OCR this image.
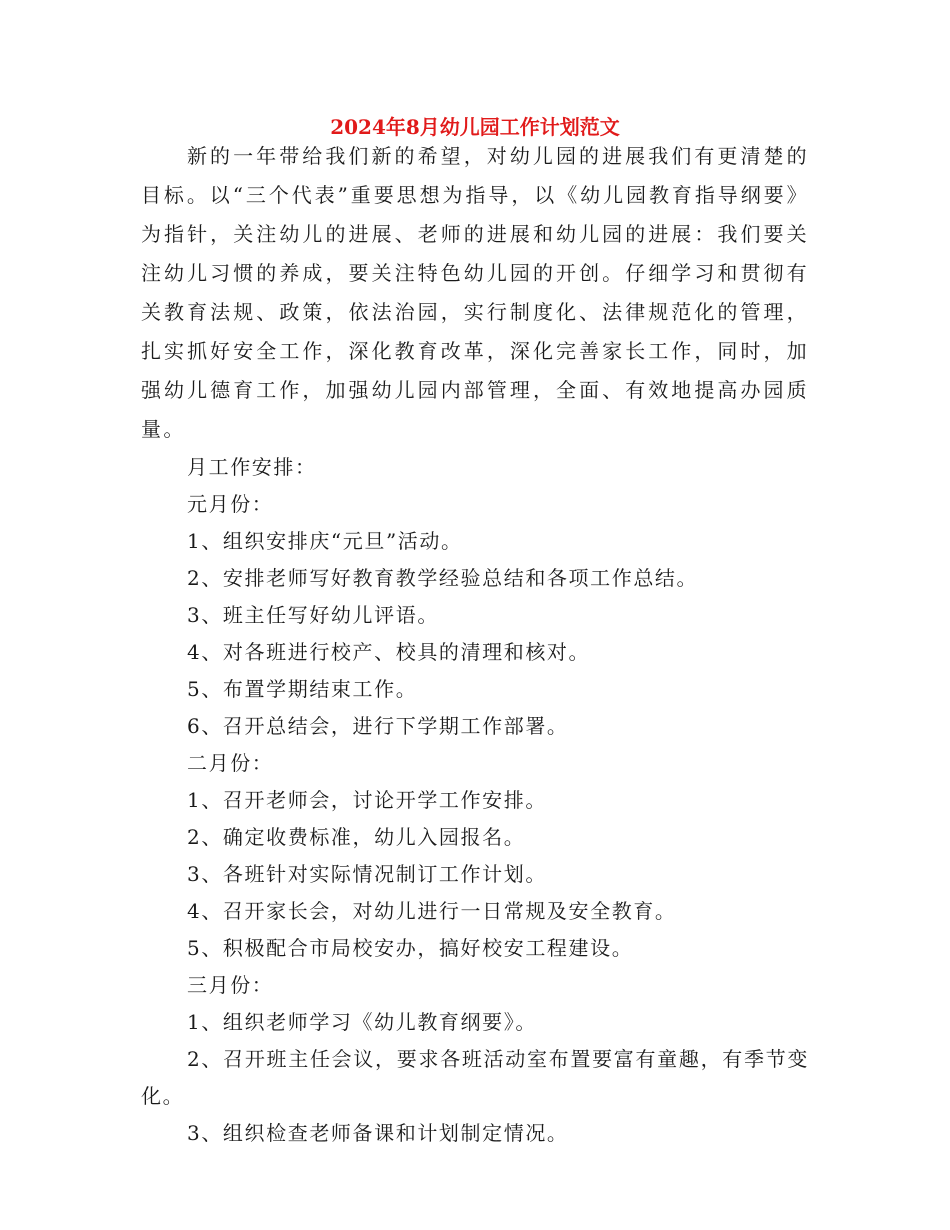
2024年8月幼儿园工作计划范文

新的一年带给我们新的希望，对幼儿园的进展我们有更清楚的目标。以“三个代表”重要思想为指导，以《幼儿园教育指导纲要》为指针，关注幼儿的进展、老师的进展和幼儿园的进展：我们要关注幼儿习惯的养成，要关注特色幼儿园的开创。仔细学习和贯彻有关教育法规、政策，依法治园，实行制度化、法律规范化的管理，扎实抓好安全工作，深化教育改革，深化完善家长工作，同时，加强幼儿德育工作，加强幼儿园内部管理，全面、有效地提高办园质量。

月工作安排：

元月份：

1、组织安排庆“元旦”活动。

2、安排老师写好教育教学经验总结和各项工作总结。

3、班主任写好幼儿评语。

4、对各班进行校产、校具的清理和核对。

5、布置学期结束工作。

6、召开总结会，进行下学期工作部署。

二月份：

1、召开老师会，讨论开学工作安排。

2、确定收费标准，幼儿入园报名。

3、各班针对实际情况制订工作计划。

4、召开家长会，对幼儿进行一日常规及安全教育。

5、积极配合市局校安办，搞好校安工程建设。

三月份：

1、组织老师学习《幼儿教育纲要》。

2、召开班主任会议，要求各班活动室布置要富有童趣，有季节变化。

3、组织检查老师备课和计划制定情况。
